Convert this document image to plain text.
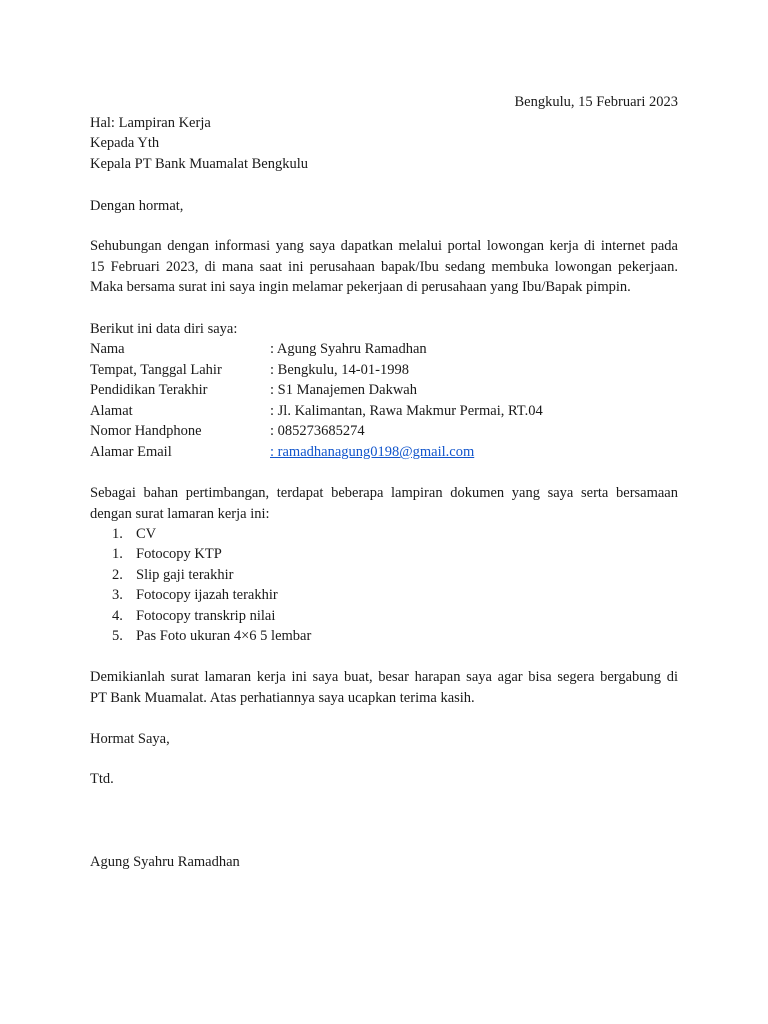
Bengkulu, 15 Februari 2023
Hal: Lampiran Kerja
Kepada Yth
Kepala PT Bank Muamalat Bengkulu
Dengan hormat,
Sehubungan dengan informasi yang saya dapatkan melalui portal lowongan kerja di internet pada
15 Februari 2023, di mana saat ini perusahaan bapak/Ibu sedang membuka lowongan pekerjaan.
Maka bersama surat ini saya ingin melamar pekerjaan di perusahaan yang Ibu/Bapak pimpin.
Berikut ini data diri saya:
Nama	: Agung Syahru Ramadhan
Tempat, Tanggal Lahir	: Bengkulu, 14-01-1998
Pendidikan Terakhir	: S1 Manajemen Dakwah
Alamat	: Jl. Kalimantan, Rawa Makmur Permai, RT.04
Nomor Handphone	: 085273685274
Alamar Email	: ramadhanagung0198@gmail.com
Sebagai bahan pertimbangan, terdapat beberapa lampiran dokumen yang saya serta bersamaan
dengan surat lamaran kerja ini:
1. CV
1. Fotocopy KTP
2. Slip gaji terakhir
3. Fotocopy ijazah terakhir
4. Fotocopy transkrip nilai
5. Pas Foto ukuran 4×6 5 lembar
Demikianlah surat lamaran kerja ini saya buat, besar harapan saya agar bisa segera bergabung di
PT Bank Muamalat. Atas perhatiannya saya ucapkan terima kasih.
Hormat Saya,
Ttd.
Agung Syahru Ramadhan
